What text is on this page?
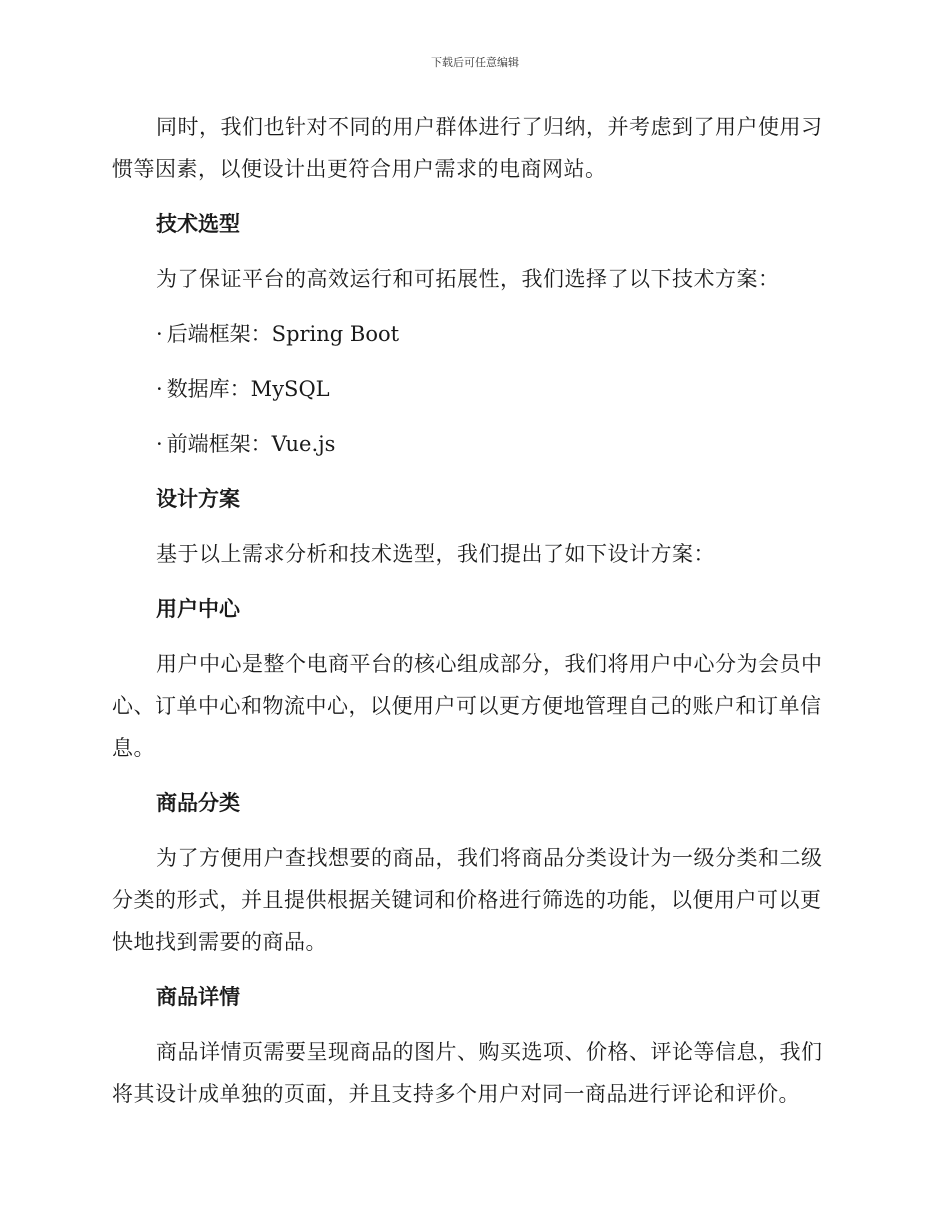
下载后可任意编辑

同时，我们也针对不同的用户群体进行了归纳，并考虑到了用户使用习惯等因素，以便设计出更符合用户需求的电商网站。

技术选型

为了保证平台的高效运行和可拓展性，我们选择了以下技术方案：

· 后端框架：Spring Boot

· 数据库：MySQL

· 前端框架：Vue.js

设计方案

基于以上需求分析和技术选型，我们提出了如下设计方案：

用户中心

用户中心是整个电商平台的核心组成部分，我们将用户中心分为会员中心、订单中心和物流中心，以便用户可以更方便地管理自己的账户和订单信息。

商品分类

为了方便用户查找想要的商品，我们将商品分类设计为一级分类和二级分类的形式，并且提供根据关键词和价格进行筛选的功能，以便用户可以更快地找到需要的商品。

商品详情

商品详情页需要呈现商品的图片、购买选项、价格、评论等信息，我们将其设计成单独的页面，并且支持多个用户对同一商品进行评论和评价。
